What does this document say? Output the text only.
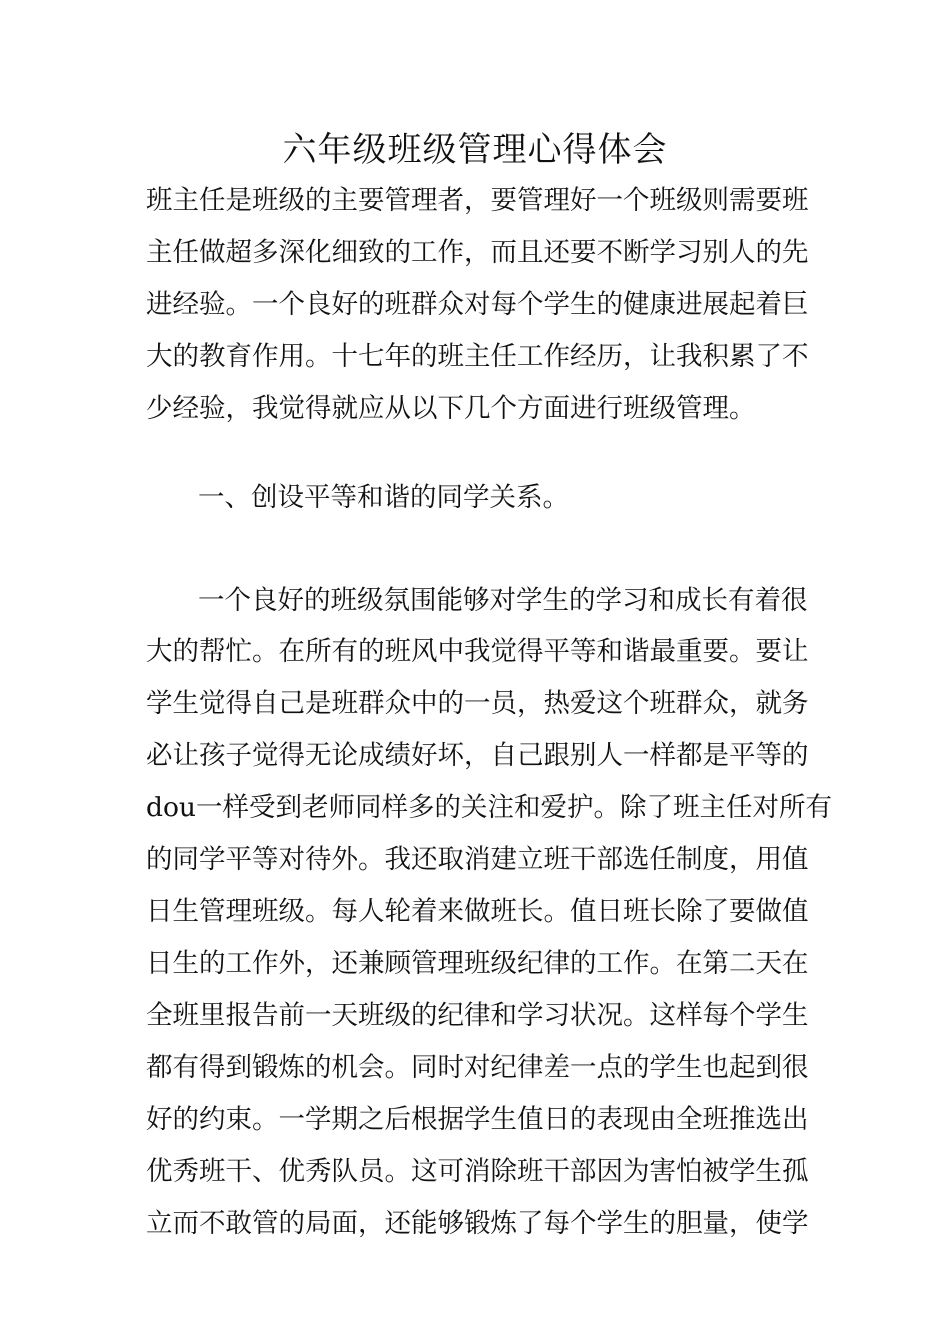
六年级班级管理心得体会

班主任是班级的主要管理者，要管理好一个班级则需要班

主任做超多深化细致的工作，而且还要不断学习别人的先

进经验。一个良好的班群众对每个学生的健康进展起着巨

大的教育作用。十七年的班主任工作经历，让我积累了不

少经验，我觉得就应从以下几个方面进行班级管理。

一、创设平等和谐的同学关系。

一个良好的班级氛围能够对学生的学习和成长有着很

大的帮忙。在所有的班风中我觉得平等和谐最重要。要让

学生觉得自己是班群众中的一员，热爱这个班群众，就务

必让孩子觉得无论成绩好坏，自己跟别人一样都是平等的

dou一样受到老师同样多的关注和爱护。除了班主任对所有

的同学平等对待外。我还取消建立班干部选任制度，用值

日生管理班级。每人轮着来做班长。值日班长除了要做值

日生的工作外，还兼顾管理班级纪律的工作。在第二天在

全班里报告前一天班级的纪律和学习状况。这样每个学生

都有得到锻炼的机会。同时对纪律差一点的学生也起到很

好的约束。一学期之后根据学生值日的表现由全班推选出

优秀班干、优秀队员。这可消除班干部因为害怕被学生孤

立而不敢管的局面，还能够锻炼了每个学生的胆量，使学
